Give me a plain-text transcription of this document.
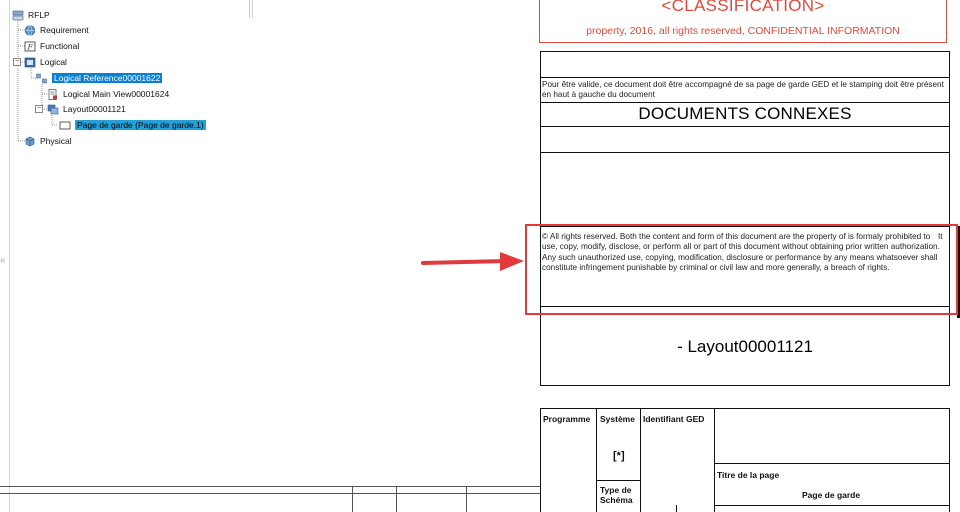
−
−
RFLP
Requirement
F Functional
Logical
Logical Reference00001622
Logical Main View00001624
Layout00001121
Page de garde (Page de garde.1)
Physical
«
<CLASSIFICATION>
property, 2016, all rights reserved, CONFIDENTIAL INFORMATION
Pour être valide, ce document doit être accompagné de sa page de garde GED et le stamping doit être présent en haut à gauche du document
DOCUMENTS CONNEXES
© All rights reserved. Both the content and form of this document are the property of is formaly prohibited to use, copy, modify, disclose, or perform all or part of this document without obtaining prior written authorization. Any such unauthorized use, copying, modification, disclosure or performance by any means whatsoever shall constitute infringement punishable by criminal or civil law and more generally, a breach of rights.
It
- Layout00001121
Programme Système Identifiant GED
[*]
Titre de la page
Page de garde
Type de Schéma
